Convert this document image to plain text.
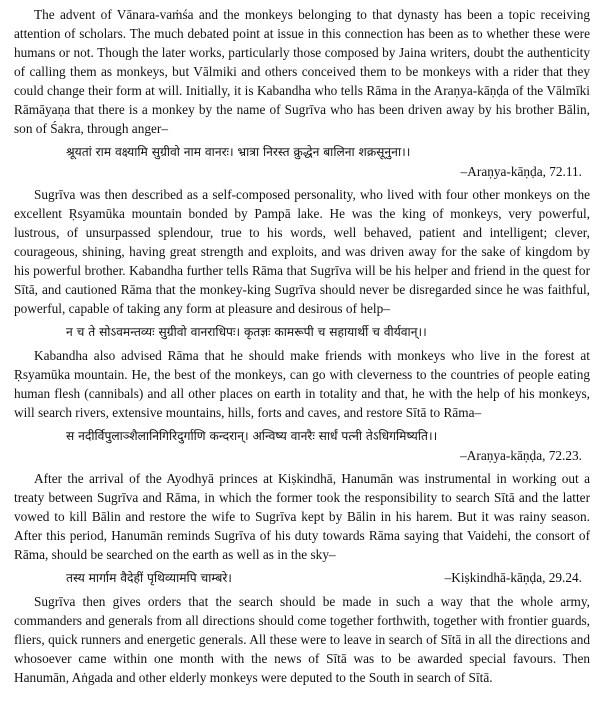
The advent of Vānara-vaṁśa and the monkeys belonging to that dynasty has been a topic receiving attention of scholars. The much debated point at issue in this connection has been as to whether these were humans or not. Though the later works, particularly those composed by Jaina writers, doubt the authenticity of calling them as monkeys, but Vālmiki and others conceived them to be monkeys with a rider that they could change their form at will. Initially, it is Kabandha who tells Rāma in the Araṇya-kāṇḍa of the Vālmīki Rāmāyaṇa that there is a monkey by the name of Sugrīva who has been driven away by his brother Bālin, son of Śakra, through anger–

श्रूयतां राम वक्ष्यामि सुग्रीवो नाम वानरः। भ्रात्रा निरस्त क्रुद्धेन बालिना शक्रसूनुना।।
–Araṇya-kāṇḍa, 72.11.

Sugrīva was then described as a self-composed personality, who lived with four other monkeys on the excellent Ṛsyamūka mountain bonded by Pampā lake. He was the king of monkeys, very powerful, lustrous, of unsurpassed splendour, true to his words, well behaved, patient and intelligent; clever, courageous, shining, having great strength and exploits, and was driven away for the sake of kingdom by his powerful brother. Kabandha further tells Rāma that Sugrīva will be his helper and friend in the quest for Sītā, and cautioned Rāma that the monkey-king Sugrīva should never be disregarded since he was faithful, powerful, capable of taking any form at pleasure and desirous of help–

न च ते सोऽवमन्तव्यः सुग्रीवो वानराधिपः। कृतज्ञः कामरूपी च सहायार्थी च वीर्यवान्।।

Kabandha also advised Rāma that he should make friends with monkeys who live in the forest at Ṛsyamūka mountain. He, the best of the monkeys, can go with cleverness to the countries of people eating human flesh (cannibals) and all other places on earth in totality and that, he with the help of his monkeys, will search rivers, extensive mountains, hills, forts and caves, and restore Sītā to Rāma–

स नदीर्विपुलाञ्शैलानिगिरिदुर्गाणि कन्दरान्। अन्विष्य वानरैः सार्धं पत्नी तेऽधिगमिष्यति।।
–Araṇya-kāṇḍa, 72.23.

After the arrival of the Ayodhyā princes at Kiṣkindhā, Hanumān was instrumental in working out a treaty between Sugrīva and Rāma, in which the former took the responsibility to search Sītā and the latter vowed to kill Bālin and restore the wife to Sugrīva kept by Bālin in his harem. But it was rainy season. After this period, Hanumān reminds Sugrīva of his duty towards Rāma saying that Vaidehi, the consort of Rāma, should be searched on the earth as well as in the sky–

तस्य मार्गाम वैदेहीं पृथिव्यामपि चाम्बरे।	–Kiṣkindhā-kāṇḍa, 29.24.

Sugrīva then gives orders that the search should be made in such a way that the whole army, commanders and generals from all directions should come together forthwith, together with frontier guards, fliers, quick runners and energetic generals. All these were to leave in search of Sītā in all the directions and whosoever came within one month with the news of Sītā was to be awarded special favours. Then Hanumān, Aṅgada and other elderly monkeys were deputed to the South in search of Sītā.
